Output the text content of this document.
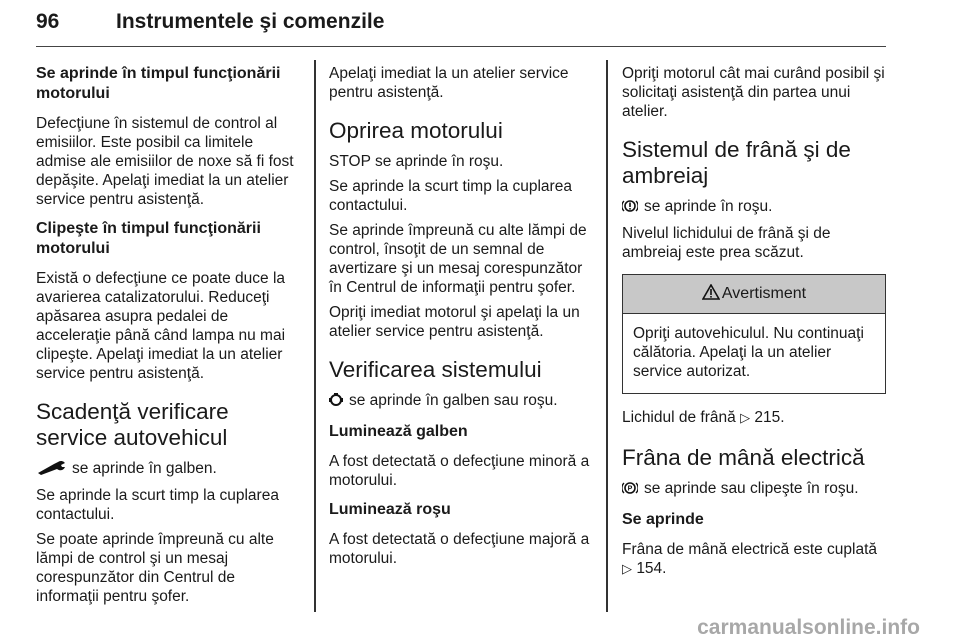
96	Instrumentele şi comenzile
Se aprinde în timpul funcţionării motorului

Defecţiune în sistemul de control al emisiilor. Este posibil ca limitele admise ale emisiilor de noxe să fi fost depăşite. Apelaţi imediat la un atelier service pentru asistenţă.

Clipeşte în timpul funcţionării motorului

Există o defecţiune ce poate duce la avarierea catalizatorului. Reduceţi apăsarea asupra pedalei de acceleraţie până când lampa nu mai clipeşte. Apelaţi imediat la un atelier service pentru asistenţă.

Scadenţă verificare service autovehicul

se aprinde în galben.

Se aprinde la scurt timp la cuplarea contactului.

Se poate aprinde împreună cu alte lămpi de control şi un mesaj corespunzător din Centrul de informaţii pentru şofer.

Apelaţi imediat la un atelier service pentru asistenţă.

Oprirea motorului

STOP se aprinde în roşu.

Se aprinde la scurt timp la cuplarea contactului.

Se aprinde împreună cu alte lămpi de control, însoţit de un semnal de avertizare şi un mesaj corespunzător în Centrul de informaţii pentru şofer.

Opriţi imediat motorul şi apelaţi la un atelier service pentru asistenţă.

Verificarea sistemului

se aprinde în galben sau roşu.

Luminează galben

A fost detectată o defecţiune minoră a motorului.

Luminează roşu

A fost detectată o defecţiune majoră a motorului.

Opriţi motorul cât mai curând posibil şi solicitaţi asistenţă din partea unui atelier.

Sistemul de frână şi de ambreiaj

se aprinde în roşu.

Nivelul lichidului de frână şi de ambreiaj este prea scăzut.

Avertisment

Opriţi autovehiculul. Nu continuaţi călătoria. Apelaţi la un atelier service autorizat.

Lichidul de frână ▷ 215.

Frâna de mână electrică

P se aprinde sau clipeşte în roşu.

Se aprinde

Frâna de mână electrică este cuplată ▷ 154.

carmanualsonline.info
